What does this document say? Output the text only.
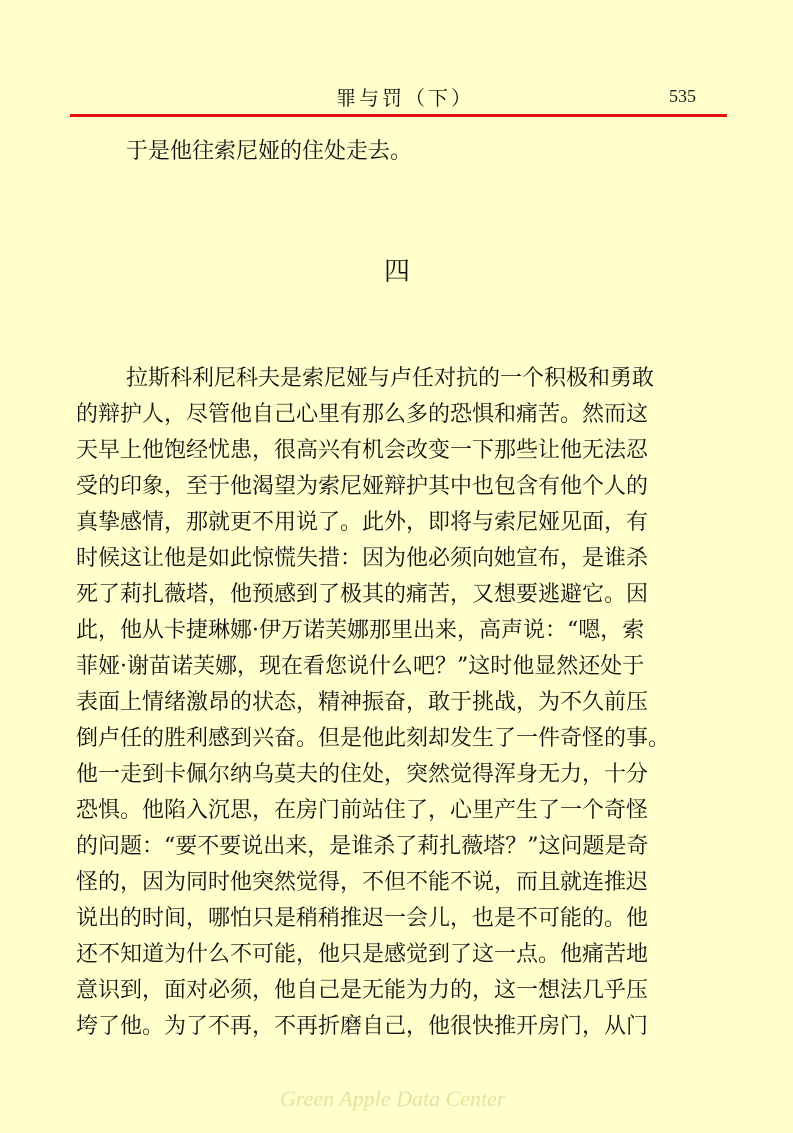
罪与罚（下）	535
于是他往索尼娅的住处走去。
四
拉斯科利尼科夫是索尼娅与卢任对抗的一个积极和勇敢
的辩护人，尽管他自己心里有那么多的恐惧和痛苦。然而这
天早上他饱经忧患，很高兴有机会改变一下那些让他无法忍
受的印象，至于他渴望为索尼娅辩护其中也包含有他个人的
真挚感情，那就更不用说了。此外，即将与索尼娅见面，有
时候这让他是如此惊慌失措：因为他必须向她宣布，是谁杀
死了莉扎薇塔，他预感到了极其的痛苦，又想要逃避它。因
此，他从卡捷琳娜·伊万诺芙娜那里出来，高声说：“嗯，索
菲娅·谢苗诺芙娜，现在看您说什么吧？”这时他显然还处于
表面上情绪激昂的状态，精神振奋，敢于挑战，为不久前压
倒卢任的胜利感到兴奋。但是他此刻却发生了一件奇怪的事。
他一走到卡佩尔纳乌莫夫的住处，突然觉得浑身无力，十分
恐惧。他陷入沉思，在房门前站住了，心里产生了一个奇怪
的问题：“要不要说出来，是谁杀了莉扎薇塔？”这问题是奇
怪的，因为同时他突然觉得，不但不能不说，而且就连推迟
说出的时间，哪怕只是稍稍推迟一会儿，也是不可能的。他
还不知道为什么不可能，他只是感觉到了这一点。他痛苦地
意识到，面对必须，他自己是无能为力的，这一想法几乎压
垮了他。为了不再，不再折磨自己，他很快推开房门，从门
Green Apple Data Center
